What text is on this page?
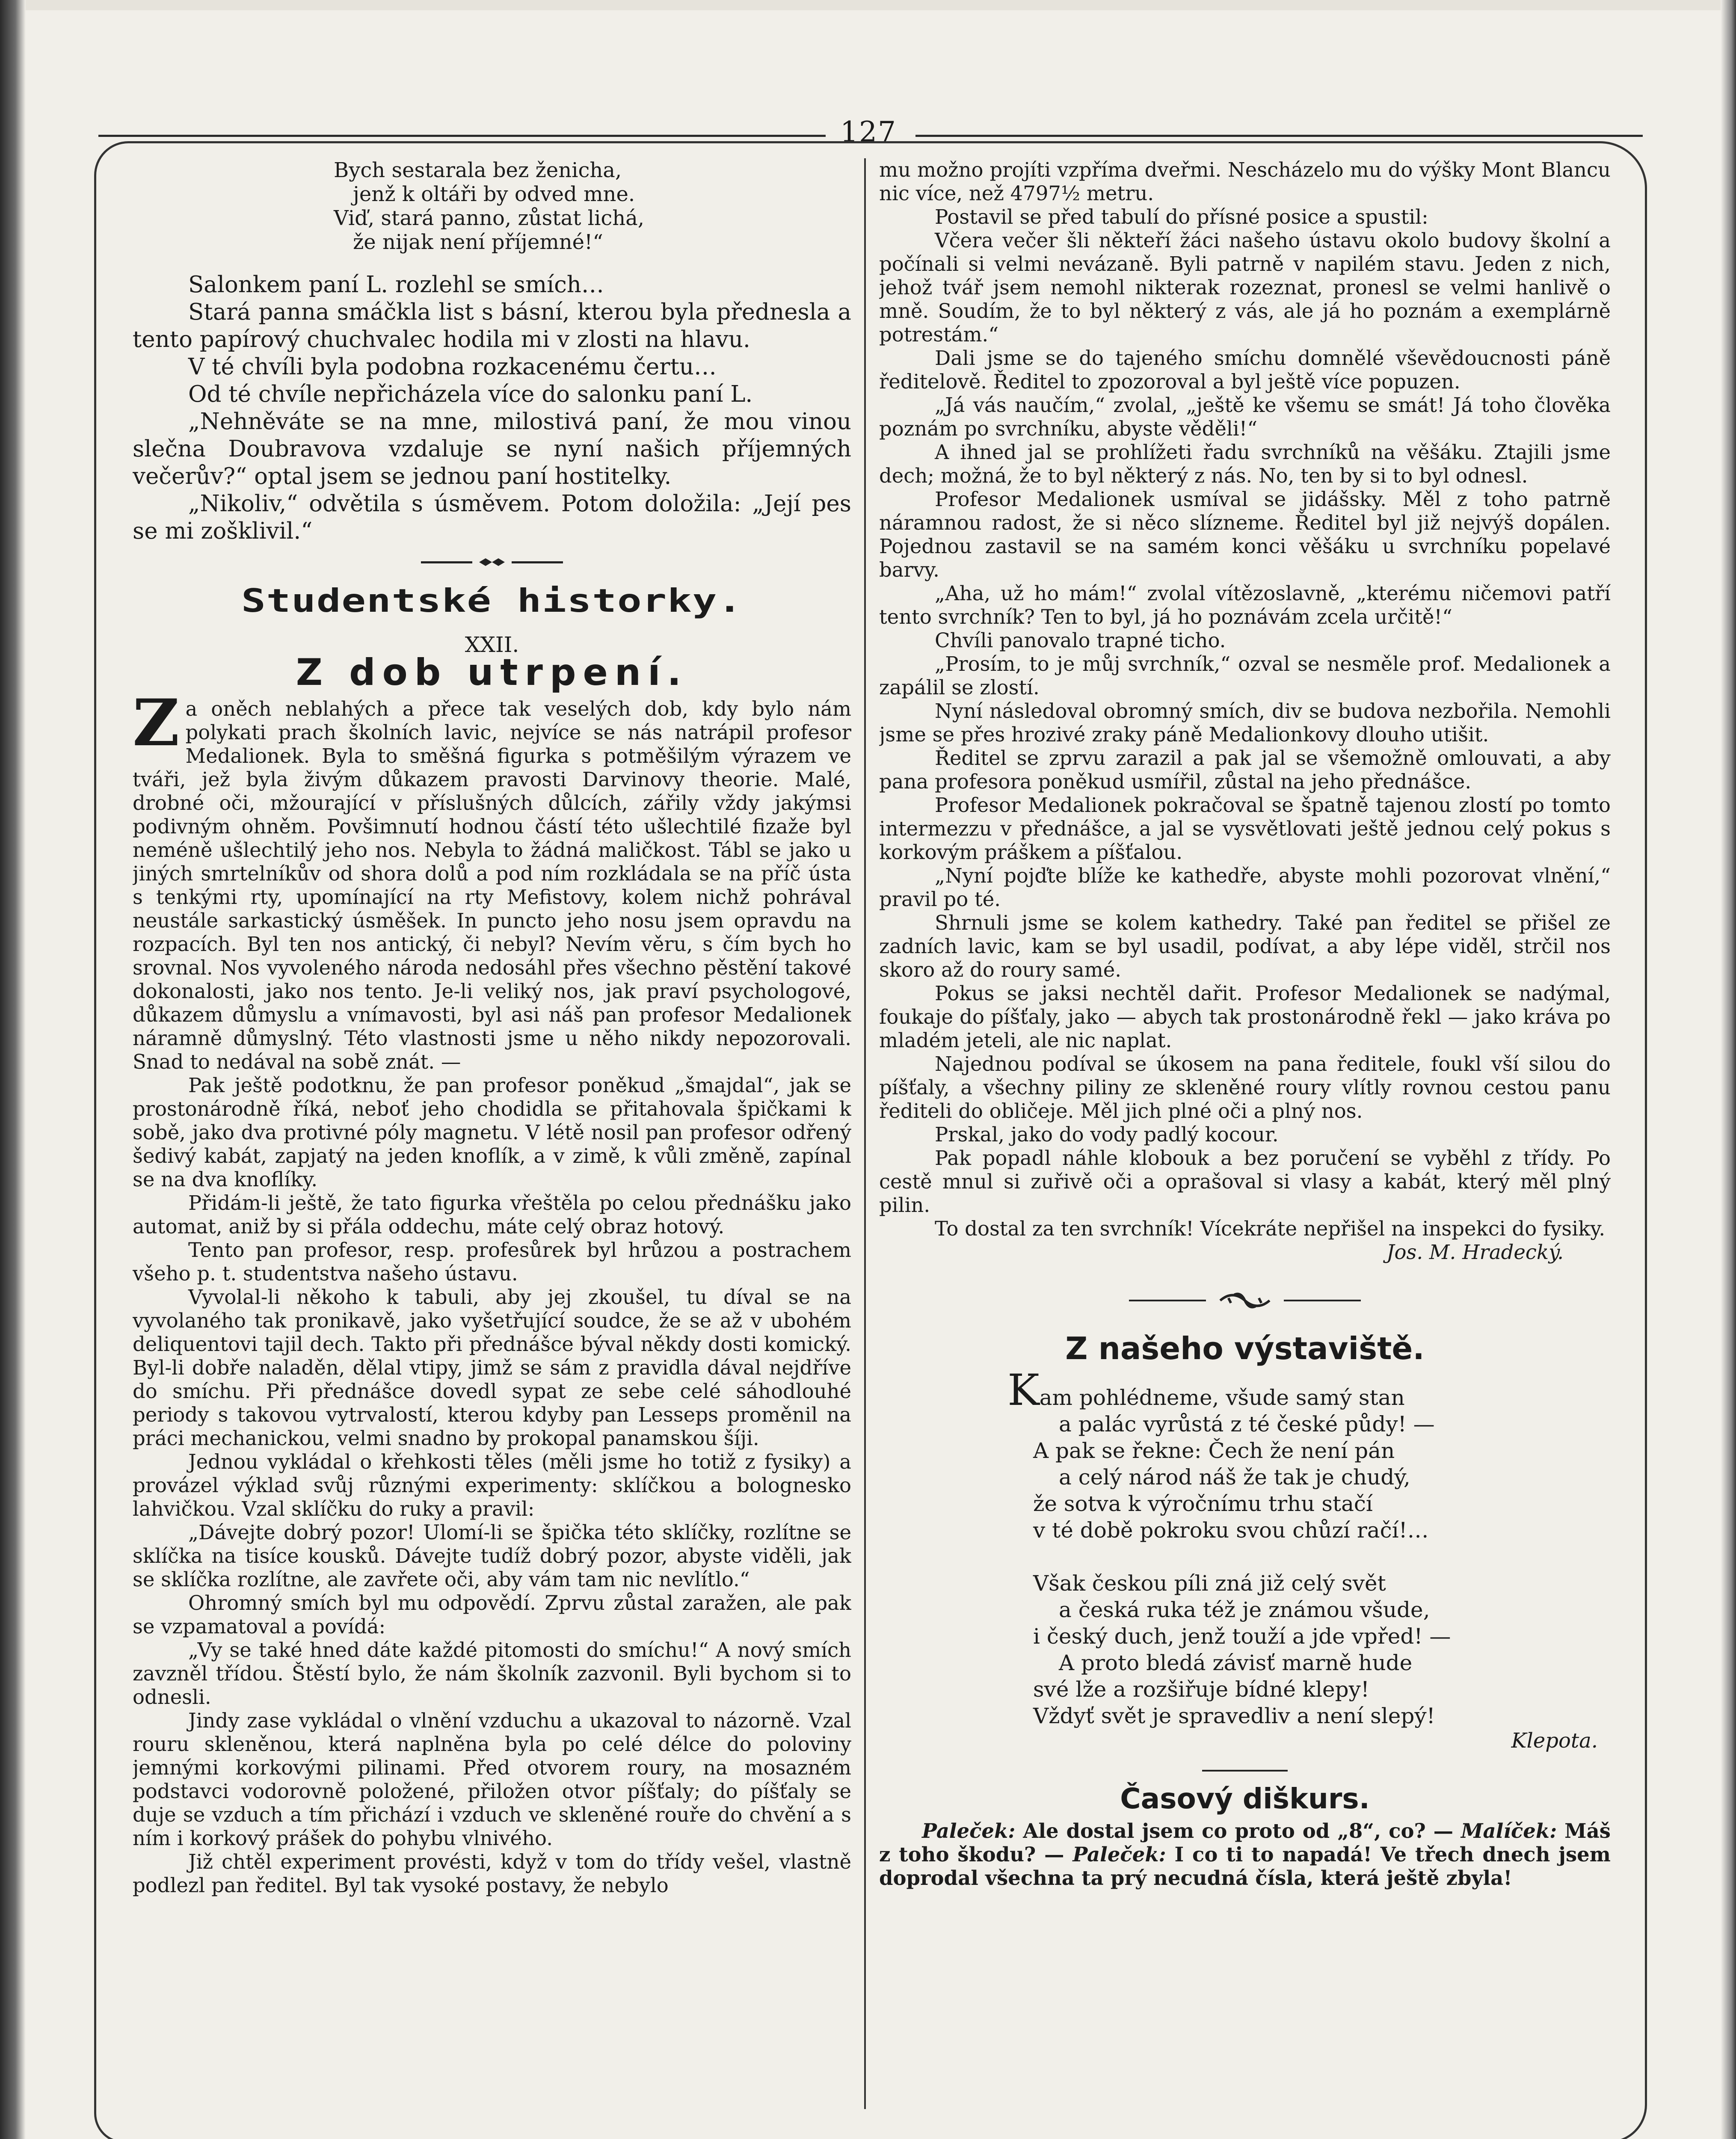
127
Bych sestarala bez ženicha,
jenž k oltáři by odved mne.
Viď, stará panno, zůstat lichá,
že nijak není příjemné!“

Salonkem paní L. rozlehl se smích…

Stará panna smáčkla list s básní, kterou byla přednesla a tento papírový chuchvalec hodila mi v zlosti na hlavu.

V té chvíli byla podobna rozkacenému čertu…

Od té chvíle nepřicházela více do salonku paní L.

„Nehněváte se na mne, milostivá paní, že mou vinou slečna Doubravova vzdaluje se nyní našich příjemných večerův?“ optal jsem se jednou paní hostitelky.

„Nikoliv,“ odvětila s úsměvem. Potom doložila: „Její pes se mi zošklivil.“

Studentské historky.
XXII.
Z dob utrpení.

Za oněch neblahých a přece tak veselých dob, kdy bylo nám polykati prach školních lavic, nejvíce se nás natrápil profesor Medalionek. Byla to směšná figurka s potměšilým výrazem ve tváři, jež byla živým důkazem pravosti Darvinovy theorie. Malé, drobné oči, mžourající v příslušných důlcích, zářily vždy jakýmsi podivným ohněm. Povšimnutí hodnou částí této ušlechtilé fizaže byl neméně ušlechtilý jeho nos. Nebyla to žádná maličkost. Tábl se jako u jiných smrtelníkův od shora dolů a pod ním rozkládala se na příč ústa s tenkými rty, upomínající na rty Mefistovy, kolem nichž pohrával neustále sarkastický úsměšek. In puncto jeho nosu jsem opravdu na rozpacích. Byl ten nos antický, či nebyl? Nevím věru, s čím bych ho srovnal. Nos vyvoleného národa nedosáhl přes všechno pěstění takové dokonalosti, jako nos tento. Je-li veliký nos, jak praví psychologové, důkazem důmyslu a vnímavosti, byl asi náš pan profesor Medalionek náramně důmyslný. Této vlastnosti jsme u něho nikdy nepozorovali. Snad to nedával na sobě znát. —

Pak ještě podotknu, že pan profesor poněkud „šmajdal“, jak se prostonárodně říká, neboť jeho chodidla se přitahovala špičkami k sobě, jako dva protivné póly magnetu. V létě nosil pan profesor odřený šedivý kabát, zapjatý na jeden knoflík, a v zimě, k vůli změně, zapínal se na dva knoflíky.

Přidám-li ještě, že tato figurka vřeštěla po celou přednášku jako automat, aniž by si přála oddechu, máte celý obraz hotový.

Tento pan profesor, resp. profesůrek byl hrůzou a postrachem všeho p. t. studentstva našeho ústavu.

Vyvolal-li někoho k tabuli, aby jej zkoušel, tu díval se na vyvolaného tak pronikavě, jako vyšetřující soudce, že se až v ubohém deliquentovi tajil dech. Takto při přednášce býval někdy dosti komický. Byl-li dobře naladěn, dělal vtipy, jimž se sám z pravidla dával nejdříve do smíchu. Při přednášce dovedl sypat ze sebe celé sáhodlouhé periody s takovou vytrvalostí, kterou kdyby pan Lesseps proměnil na práci mechanickou, velmi snadno by prokopal panamskou šíji.

Jednou vykládal o křehkosti těles (měli jsme ho totiž z fysiky) a provázel výklad svůj různými experimenty: sklíčkou a bolognesko lahvičkou. Vzal sklíčku do ruky a pravil:

„Dávejte dobrý pozor! Ulomí-li se špička této sklíčky, rozlítne se sklíčka na tisíce kousků. Dávejte tudíž dobrý pozor, abyste viděli, jak se sklíčka rozlítne, ale zavřete oči, aby vám tam nic nevlítlo.“

Ohromný smích byl mu odpovědí. Zprvu zůstal zaražen, ale pak se vzpamatoval a povídá:

„Vy se také hned dáte každé pitomosti do smíchu!“ A nový smích zavzněl třídou. Štěstí bylo, že nám školník zazvonil. Byli bychom si to odnesli.

Jindy zase vykládal o vlnění vzduchu a ukazoval to názorně. Vzal rouru skleněnou, která naplněna byla po celé délce do poloviny jemnými korkovými pilinami. Před otvorem roury, na mosazném podstavci vodorovně položené, přiložen otvor píšťaly; do píšťaly se duje se vzduch a tím přichází i vzduch ve skleněné rouře do chvění a s ním i korkový prášek do pohybu vlnivého.

Již chtěl experiment provésti, když v tom do třídy vešel, vlastně podlezl pan ředitel. Byl tak vysoké postavy, že nebylo

mu možno projíti vzpříma dveřmi. Nescházelo mu do výšky Mont Blancu nic více, než 4797½ metru.

Postavil se před tabulí do přísné posice a spustil:

Včera večer šli někteří žáci našeho ústavu okolo budovy školní a počínali si velmi nevázaně. Byli patrně v napilém stavu. Jeden z nich, jehož tvář jsem nemohl nikterak rozeznat, pronesl se velmi hanlivě o mně. Soudím, že to byl některý z vás, ale já ho poznám a exemplárně potrestám.“

Dali jsme se do tajeného smíchu domnělé vševědoucnosti páně ředitelově. Ředitel to zpozoroval a byl ještě více popuzen.

„Já vás naučím,“ zvolal, „ještě ke všemu se smát! Já toho člověka poznám po svrchníku, abyste věděli!“

A ihned jal se prohlížeti řadu svrchníků na věšáku. Ztajili jsme dech; možná, že to byl některý z nás. No, ten by si to byl odnesl.

Profesor Medalionek usmíval se jidášsky. Měl z toho patrně náramnou radost, že si něco slízneme. Ředitel byl již nejvýš dopálen. Pojednou zastavil se na samém konci věšáku u svrchníku popelavé barvy.

„Aha, už ho mám!“ zvolal vítězoslavně, „kterému ničemovi patří tento svrchník? Ten to byl, já ho poznávám zcela určitě!“

Chvíli panovalo trapné ticho.

„Prosím, to je můj svrchník,“ ozval se nesměle prof. Medalionek a zapálil se zlostí.

Nyní následoval obromný smích, div se budova nezbořila. Nemohli jsme se přes hrozivé zraky páně Medalionkovy dlouho utišit.

Ředitel se zprvu zarazil a pak jal se všemožně omlouvati, a aby pana profesora poněkud usmířil, zůstal na jeho přednášce.

Profesor Medalionek pokračoval se špatně tajenou zlostí po tomto intermezzu v přednášce, a jal se vysvětlovati ještě jednou celý pokus s korkovým práškem a píšťalou.

„Nyní pojďte blíže ke kathedře, abyste mohli pozorovat vlnění,“ pravil po té.

Shrnuli jsme se kolem kathedry. Také pan ředitel se přišel ze zadních lavic, kam se byl usadil, podívat, a aby lépe viděl, strčil nos skoro až do roury samé.

Pokus se jaksi nechtěl dařit. Profesor Medalionek se nadýmal, foukaje do píšťaly, jako — abych tak prostonárodně řekl — jako kráva po mladém jeteli, ale nic naplat.

Najednou podíval se úkosem na pana ředitele, foukl vší silou do píšťaly, a všechny piliny ze skleněné roury vlítly rovnou cestou panu řediteli do obličeje. Měl jich plné oči a plný nos.

Prskal, jako do vody padlý kocour.

Pak popadl náhle klobouk a bez poručení se vyběhl z třídy. Po cestě mnul si zuřivě oči a oprašoval si vlasy a kabát, který měl plný pilin.

To dostal za ten svrchník! Vícekráte nepřišel na inspekci do fysiky.

Jos. M. Hradecký.

Z našeho výstaviště.
Kam pohlédneme, všude samý stan
a palác vyrůstá z té české půdy! —
A pak se řekne: Čech že není pán
a celý národ náš že tak je chudý,
že sotva k výročnímu trhu stačí
v té době pokroku svou chůzí račí!…
Však českou píli zná již celý svět
a česká ruka též je známou všude,
i český duch, jenž touží a jde vpřed! —
A proto bledá závisť marně hude
své lže a rozšiřuje bídné klepy!
Vždyť svět je spravedliv a není slepý!
Klepota.
Časový diškurs.

Paleček: Ale dostal jsem co proto od „8“, co? — Malíček: Máš z toho škodu? — Paleček: I co ti to napadá! Ve třech dnech jsem doprodal všechna ta prý necudná čísla, která ještě zbyla!
